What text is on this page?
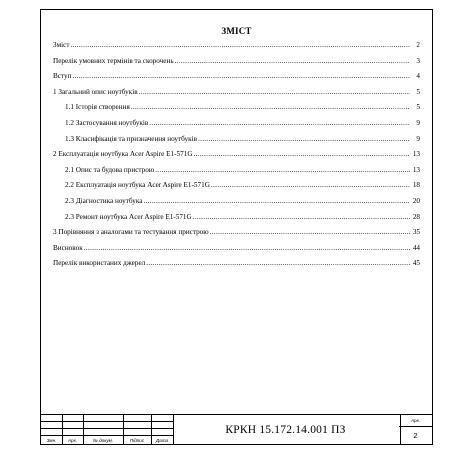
ЗМІСТ
Зміст .....	2
Перелік умовних термінів та скорочень .....	3
Вступ .....	4
1 Загальний опис ноутбуків .....	5
1.1 Історія створення .....	5
1.2 Застосування ноутбуків .....	9
1.3 Класифікація та призначення ноутбуків .....	9
2 Експлуатація ноутбука Acer Aspire E1-571G .....	13
2.1 Опис та будова пристрою .....	13
2.2 Експлуатація ноутбука Acer Aspire E1-571G .....	18
2.3 Діагностика ноутбука .....	20
2.3 Ремонт ноутбука Acer Aspire E1-571G .....	28
3 Порівняння з аналогами та тестування пристрою .....	35
Висновок .....	44
Перелік використаних джерел .....	45
Змн.	Арк.	№ докум.	Підпис	Дата
КРКН 15.172.14.001 ПЗ
Арк.
2
